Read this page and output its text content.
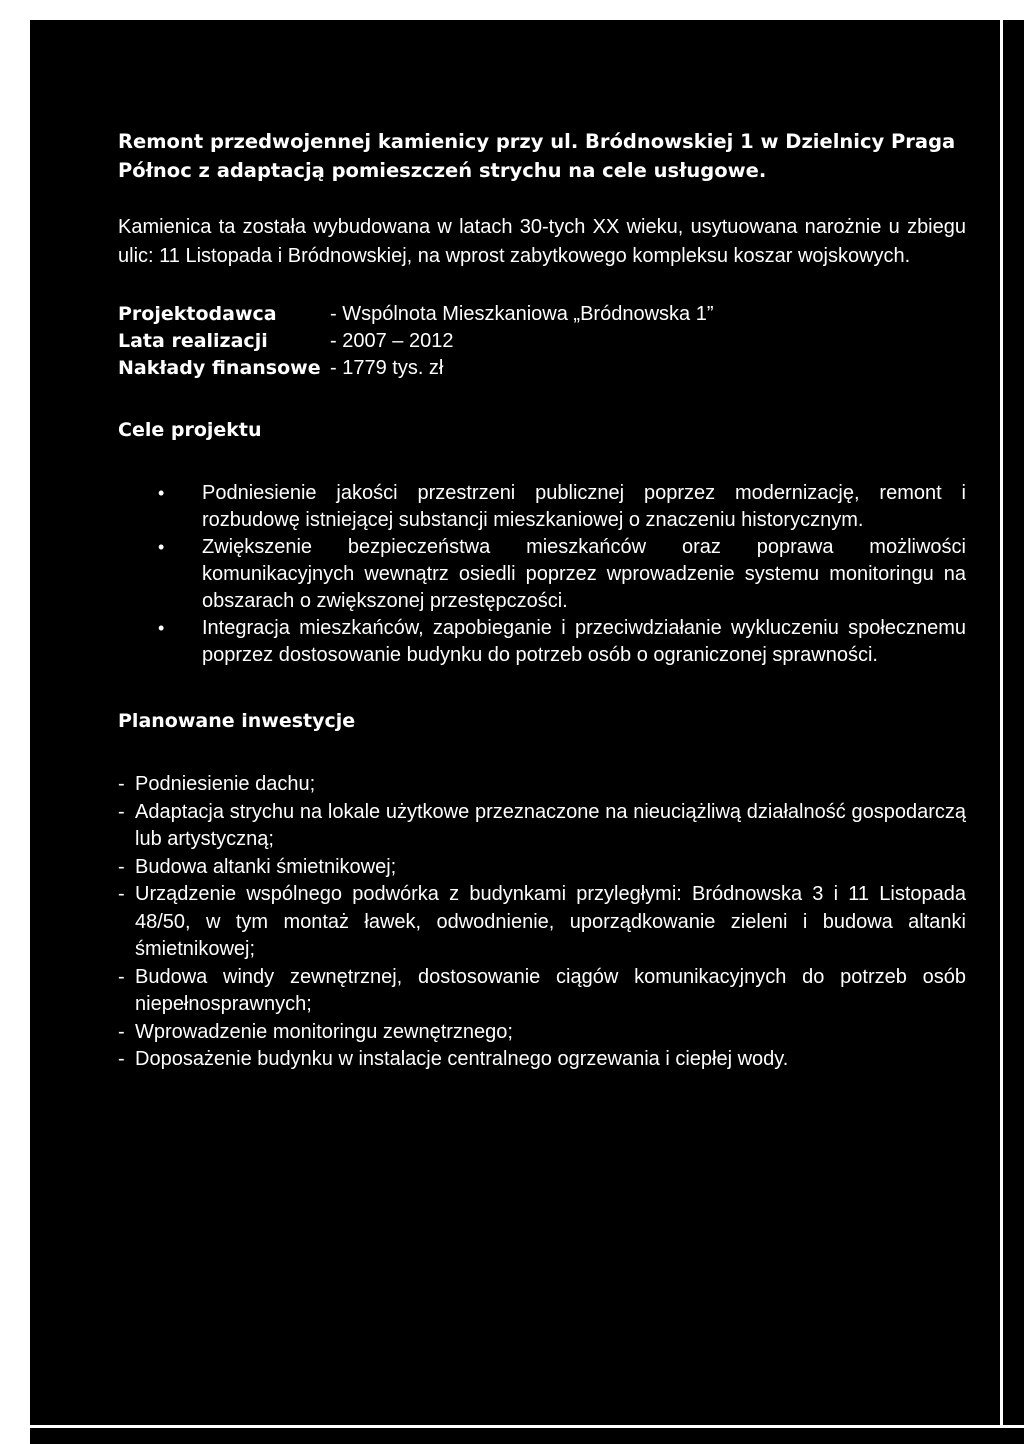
Remont przedwojennej kamienicy przy ul. Bródnowskiej 1 w Dzielnicy Praga Północ z adaptacją pomieszczeń strychu na cele usługowe.

Kamienica ta została wybudowana w latach 30-tych XX wieku, usytuowana narożnie u zbiegu ulic: 11 Listopada i Bródnowskiej, na wprost zabytkowego kompleksu koszar wojskowych.

Projektodawca	- Wspólnota Mieszkaniowa „Bródnowska 1”
Lata realizacji	- 2007 – 2012
Nakłady finansowe - 1779 tys. zł
Cele projektu
• Podniesienie jakości przestrzeni publicznej poprzez modernizację, remont i rozbudowę istniejącej substancji mieszkaniowej o znaczeniu historycznym.
• Zwiększenie bezpieczeństwa mieszkańców oraz poprawa możliwości komunikacyjnych wewnątrz osiedli poprzez wprowadzenie systemu monitoringu na obszarach o zwiększonej przestępczości.
• Integracja mieszkańców, zapobieganie i przeciwdziałanie wykluczeniu społecznemu poprzez dostosowanie budynku do potrzeb osób o ograniczonej sprawności.
Planowane inwestycje
- Podniesienie dachu;
- Adaptacja strychu na lokale użytkowe przeznaczone na nieuciążliwą działalność gospodarczą lub artystyczną;
- Budowa altanki śmietnikowej;
- Urządzenie wspólnego podwórka z budynkami przyległymi: Bródnowska 3 i 11 Listopada 48/50, w tym montaż ławek, odwodnienie, uporządkowanie zieleni i budowa altanki śmietnikowej;
- Budowa windy zewnętrznej, dostosowanie ciągów komunikacyjnych do potrzeb osób niepełnosprawnych;
- Wprowadzenie monitoringu zewnętrznego;
- Doposażenie budynku w instalacje centralnego ogrzewania i ciepłej wody.
